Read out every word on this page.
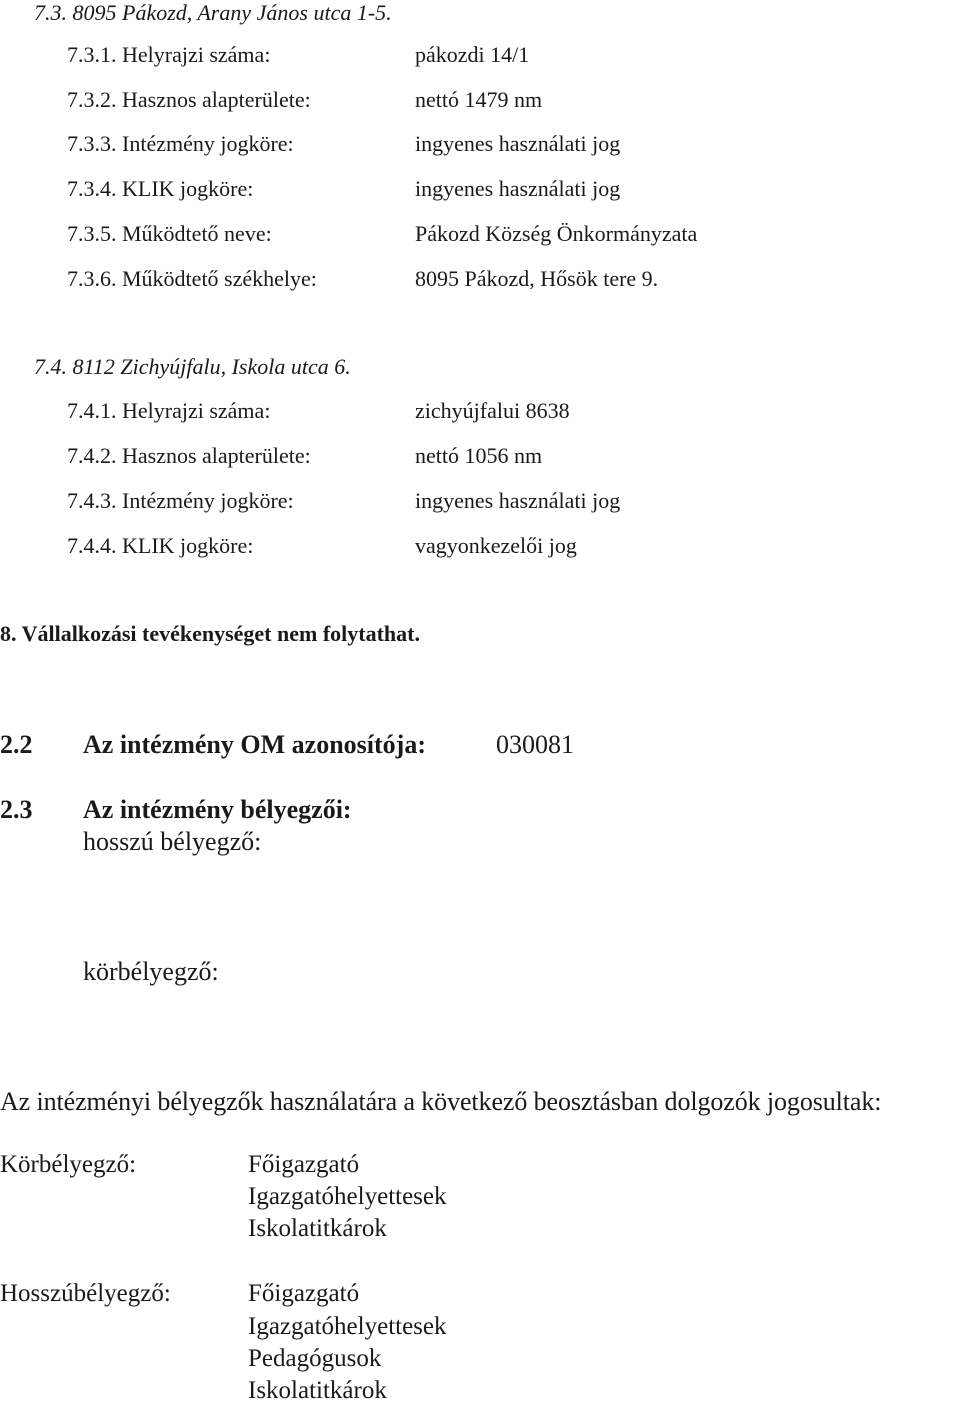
7.3. 8095 Pákozd, Arany János utca 1-5.
7.3.1. Helyrajzi száma:	pákozdi 14/1
7.3.2. Hasznos alapterülete:	nettó 1479 nm
7.3.3. Intézmény jogköre:	ingyenes használati jog
7.3.4. KLIK jogköre:	ingyenes használati jog
7.3.5. Működtető neve:	Pákozd Község Önkormányzata
7.3.6. Működtető székhelye:	8095 Pákozd, Hősök tere 9.
7.4. 8112 Zichyújfalu, Iskola utca 6.
7.4.1. Helyrajzi száma:	zichyújfalui 8638
7.4.2. Hasznos alapterülete:	nettó 1056 nm
7.4.3. Intézmény jogköre:	ingyenes használati jog
7.4.4. KLIK jogköre:	vagyonkezelői jog
8. Vállalkozási tevékenységet nem folytathat.
2.2 Az intézmény OM azonosítója:	030081
2.3 Az intézmény bélyegzői:
hosszú bélyegző:
körbélyegző:
Az intézményi bélyegzők használatára a következő beosztásban dolgozók jogosultak:
Körbélyegző:	Főigazgató
Igazgatóhelyettesek
Iskolatitkárok
Hosszúbélyegző:	Főigazgató
Igazgatóhelyettesek
Pedagógusok
Iskolatitkárok
